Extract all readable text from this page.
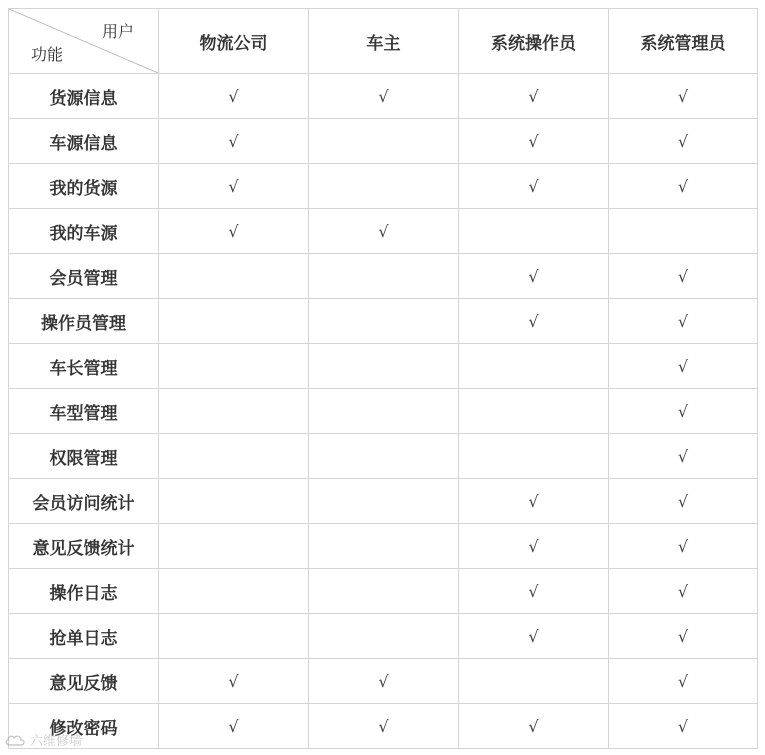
用户
功能	物流公司	车主	系统操作员	系统管理员
货源信息	√	√	√	√
车源信息	√		√	√
我的货源	√		√	√
我的车源	√	√		
会员管理			√	√
操作员管理			√	√
车长管理				√
车型管理				√
权限管理				√
会员访问统计			√	√
意见反馈统计			√	√
操作日志			√	√
抢单日志			√	√
意见反馈	√	√		√
修改密码	√	√	√	√
六维修墙
